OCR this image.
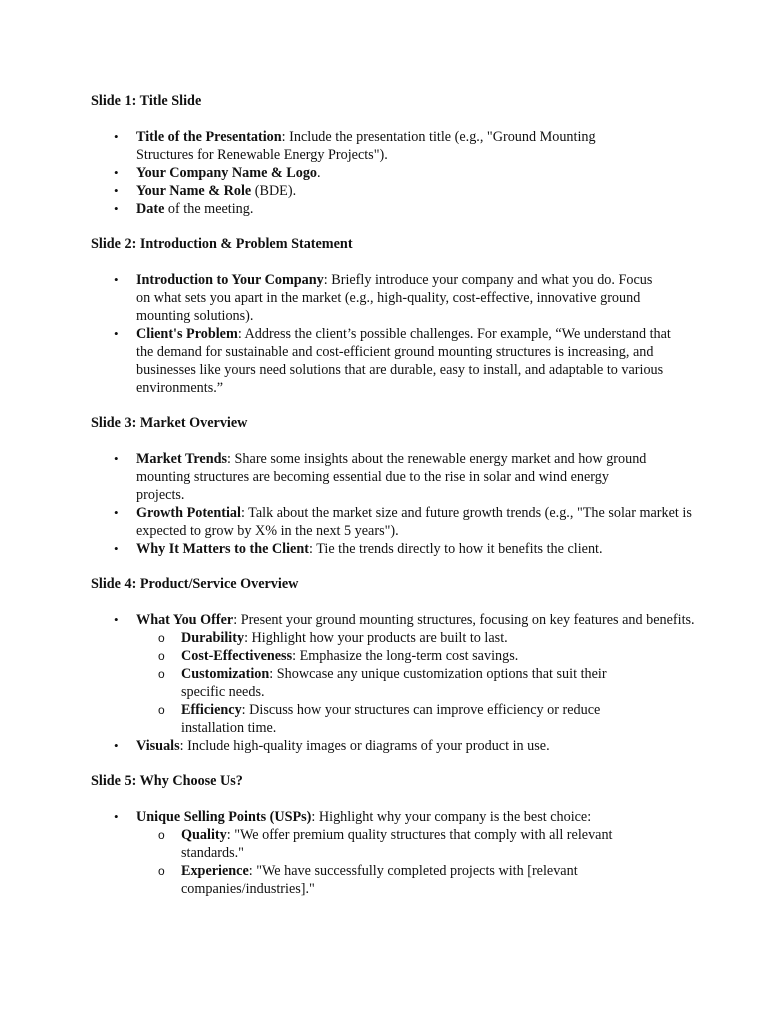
Slide 1: Title Slide
• Title of the Presentation: Include the presentation title (e.g., "Ground Mounting Structures for Renewable Energy Projects").
• Your Company Name & Logo.
• Your Name & Role (BDE).
• Date of the meeting.
Slide 2: Introduction & Problem Statement
• Introduction to Your Company: Briefly introduce your company and what you do. Focus on what sets you apart in the market (e.g., high-quality, cost-effective, innovative ground mounting solutions).
• Client's Problem: Address the client’s possible challenges. For example, “We understand that the demand for sustainable and cost-efficient ground mounting structures is increasing, and businesses like yours need solutions that are durable, easy to install, and adaptable to various environments.”
Slide 3: Market Overview
• Market Trends: Share some insights about the renewable energy market and how ground mounting structures are becoming essential due to the rise in solar and wind energy projects.
• Growth Potential: Talk about the market size and future growth trends (e.g., "The solar market is expected to grow by X% in the next 5 years").
• Why It Matters to the Client: Tie the trends directly to how it benefits the client.
Slide 4: Product/Service Overview
• What You Offer: Present your ground mounting structures, focusing on key features and benefits.
o Durability: Highlight how your products are built to last.
o Cost-Effectiveness: Emphasize the long-term cost savings.
o Customization: Showcase any unique customization options that suit their specific needs.
o Efficiency: Discuss how your structures can improve efficiency or reduce installation time.
• Visuals: Include high-quality images or diagrams of your product in use.
Slide 5: Why Choose Us?
• Unique Selling Points (USPs): Highlight why your company is the best choice:
o Quality: "We offer premium quality structures that comply with all relevant standards."
o Experience: "We have successfully completed projects with [relevant companies/industries]."
